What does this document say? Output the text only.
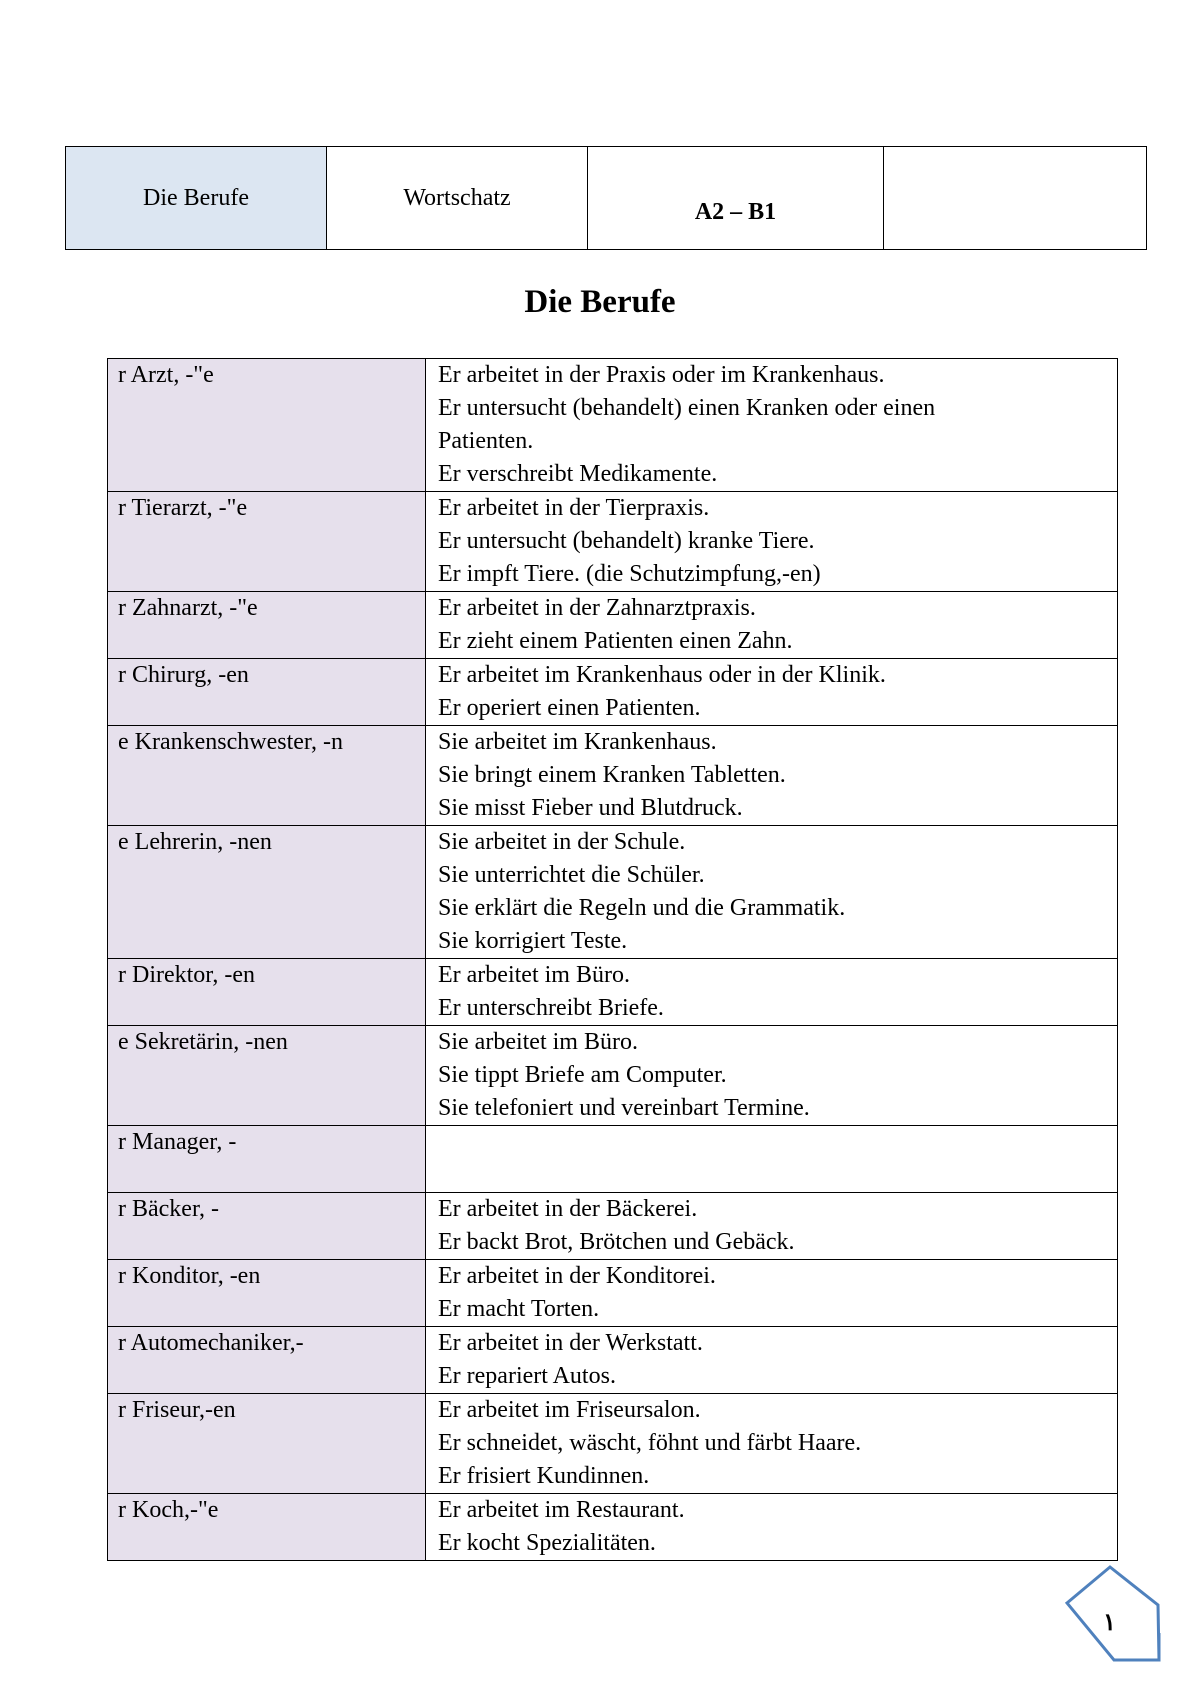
Die Berufe	Wortschatz	A2 – B1	
Die Berufe
r Arzt, -"e	Er arbeitet in der Praxis oder im Krankenhaus.
Er untersucht (behandelt) einen Kranken oder einen
Patienten.
Er verschreibt Medikamente.

r Tierarzt, -"e	Er arbeitet in der Tierpraxis.
Er untersucht (behandelt) kranke Tiere.
Er impft Tiere. (die Schutzimpfung,-en)

r Zahnarzt, -"e	Er arbeitet in der Zahnarztpraxis.
Er zieht einem Patienten einen Zahn.

r Chirurg, -en	Er arbeitet im Krankenhaus oder in der Klinik.
Er operiert einen Patienten.

e Krankenschwester, -n	Sie arbeitet im Krankenhaus.
Sie bringt einem Kranken Tabletten.
Sie misst Fieber und Blutdruck.

e Lehrerin, -nen	Sie arbeitet in der Schule.
Sie unterrichtet die Schüler.
Sie erklärt die Regeln und die Grammatik.
Sie korrigiert Teste.

r Direktor, -en	Er arbeitet im Büro.
Er unterschreibt Briefe.

e Sekretärin, -nen	Sie arbeitet im Büro.
Sie tippt Briefe am Computer.
Sie telefoniert und vereinbart Termine.

r Manager, -	

r Bäcker, -	Er arbeitet in der Bäckerei.
Er backt Brot, Brötchen und Gebäck.

r Konditor, -en	Er arbeitet in der Konditorei.
Er macht Torten.

r Automechaniker,-	Er arbeitet in der Werkstatt.
Er repariert Autos.

r Friseur,-en	Er arbeitet im Friseursalon.
Er schneidet, wäscht, föhnt und färbt Haare.
Er frisiert Kundinnen.

r Koch,-"e	Er arbeitet im Restaurant.
Er kocht Spezialitäten.
١
